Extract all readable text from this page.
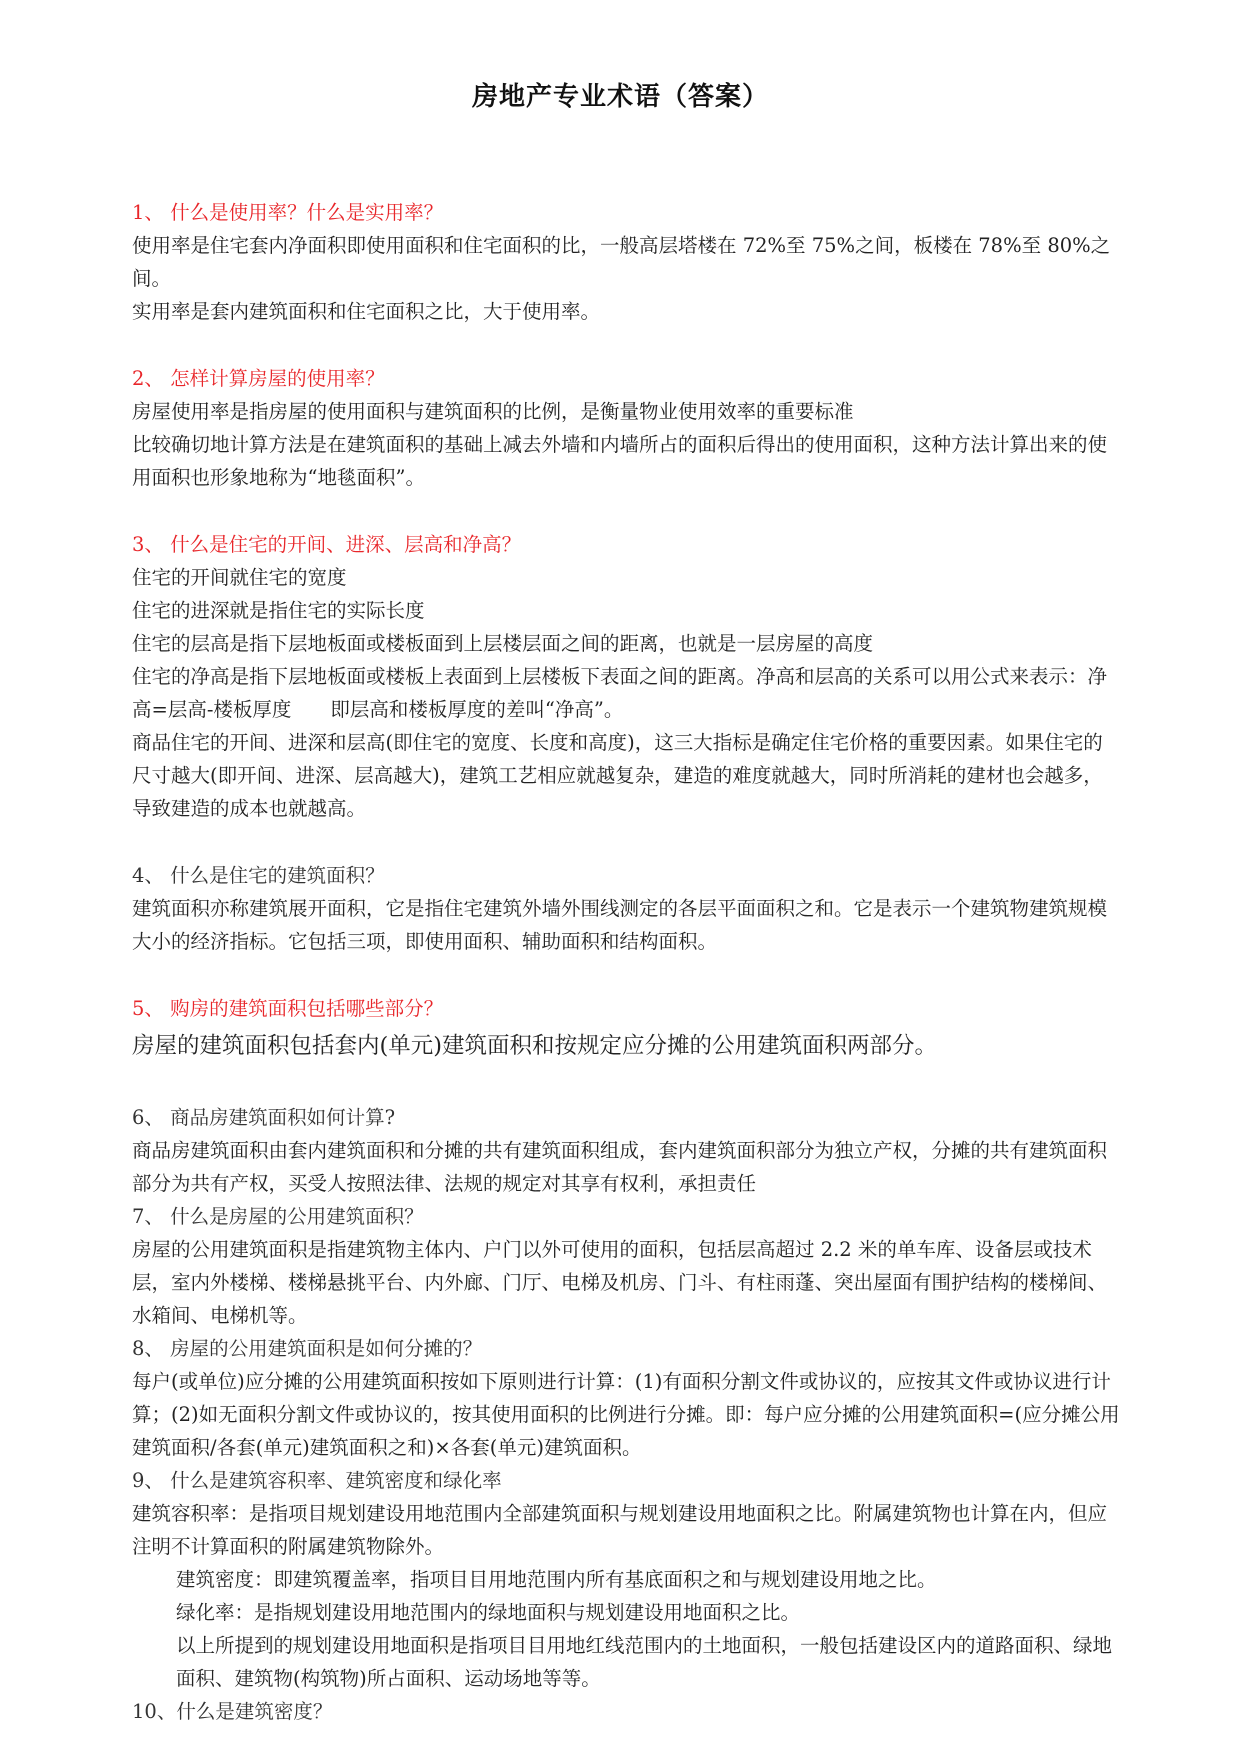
房地产专业术语（答案）

1、 什么是使用率？什么是实用率？

使用率是住宅套内净面积即使用面积和住宅面积的比，一般高层塔楼在 72%至 75%之间，板楼在 78%至 80%之间。

实用率是套内建筑面积和住宅面积之比，大于使用率。

2、 怎样计算房屋的使用率？

房屋使用率是指房屋的使用面积与建筑面积的比例，是衡量物业使用效率的重要标准

比较确切地计算方法是在建筑面积的基础上减去外墙和内墙所占的面积后得出的使用面积，这种方法计算出来的使用面积也形象地称为“地毯面积”。

3、 什么是住宅的开间、进深、层高和净高？

住宅的开间就住宅的宽度

住宅的进深就是指住宅的实际长度

住宅的层高是指下层地板面或楼板面到上层楼层面之间的距离，也就是一层房屋的高度

住宅的净高是指下层地板面或楼板上表面到上层楼板下表面之间的距离。净高和层高的关系可以用公式来表示：净高=层高-楼板厚度　　即层高和楼板厚度的差叫“净高”。

商品住宅的开间、进深和层高(即住宅的宽度、长度和高度)，这三大指标是确定住宅价格的重要因素。如果住宅的尺寸越大(即开间、进深、层高越大)，建筑工艺相应就越复杂，建造的难度就越大，同时所消耗的建材也会越多，导致建造的成本也就越高。

4、 什么是住宅的建筑面积？

建筑面积亦称建筑展开面积，它是指住宅建筑外墙外围线测定的各层平面面积之和。它是表示一个建筑物建筑规模大小的经济指标。它包括三项，即使用面积、辅助面积和结构面积。

5、 购房的建筑面积包括哪些部分？

房屋的建筑面积包括套内(单元)建筑面积和按规定应分摊的公用建筑面积两部分。

6、 商品房建筑面积如何计算?

商品房建筑面积由套内建筑面积和分摊的共有建筑面积组成，套内建筑面积部分为独立产权，分摊的共有建筑面积部分为共有产权，买受人按照法律、法规的规定对其享有权利，承担责任

7、 什么是房屋的公用建筑面积？

房屋的公用建筑面积是指建筑物主体内、户门以外可使用的面积，包括层高超过 2.2 米的单车库、设备层或技术层，室内外楼梯、楼梯悬挑平台、内外廊、门厅、电梯及机房、门斗、有柱雨蓬、突出屋面有围护结构的楼梯间、水箱间、电梯机等。

8、 房屋的公用建筑面积是如何分摊的？

每户(或单位)应分摊的公用建筑面积按如下原则进行计算：(1)有面积分割文件或协议的，应按其文件或协议进行计算；(2)如无面积分割文件或协议的，按其使用面积的比例进行分摊。即：每户应分摊的公用建筑面积=(应分摊公用建筑面积/各套(单元)建筑面积之和)×各套(单元)建筑面积。

9、 什么是建筑容积率、建筑密度和绿化率

建筑容积率：是指项目规划建设用地范围内全部建筑面积与规划建设用地面积之比。附属建筑物也计算在内，但应注明不计算面积的附属建筑物除外。

建筑密度：即建筑覆盖率，指项目目用地范围内所有基底面积之和与规划建设用地之比。

绿化率：是指规划建设用地范围内的绿地面积与规划建设用地面积之比。

以上所提到的规划建设用地面积是指项目目用地红线范围内的土地面积，一般包括建设区内的道路面积、绿地面积、建筑物(构筑物)所占面积、运动场地等等。

10、什么是建筑密度？
